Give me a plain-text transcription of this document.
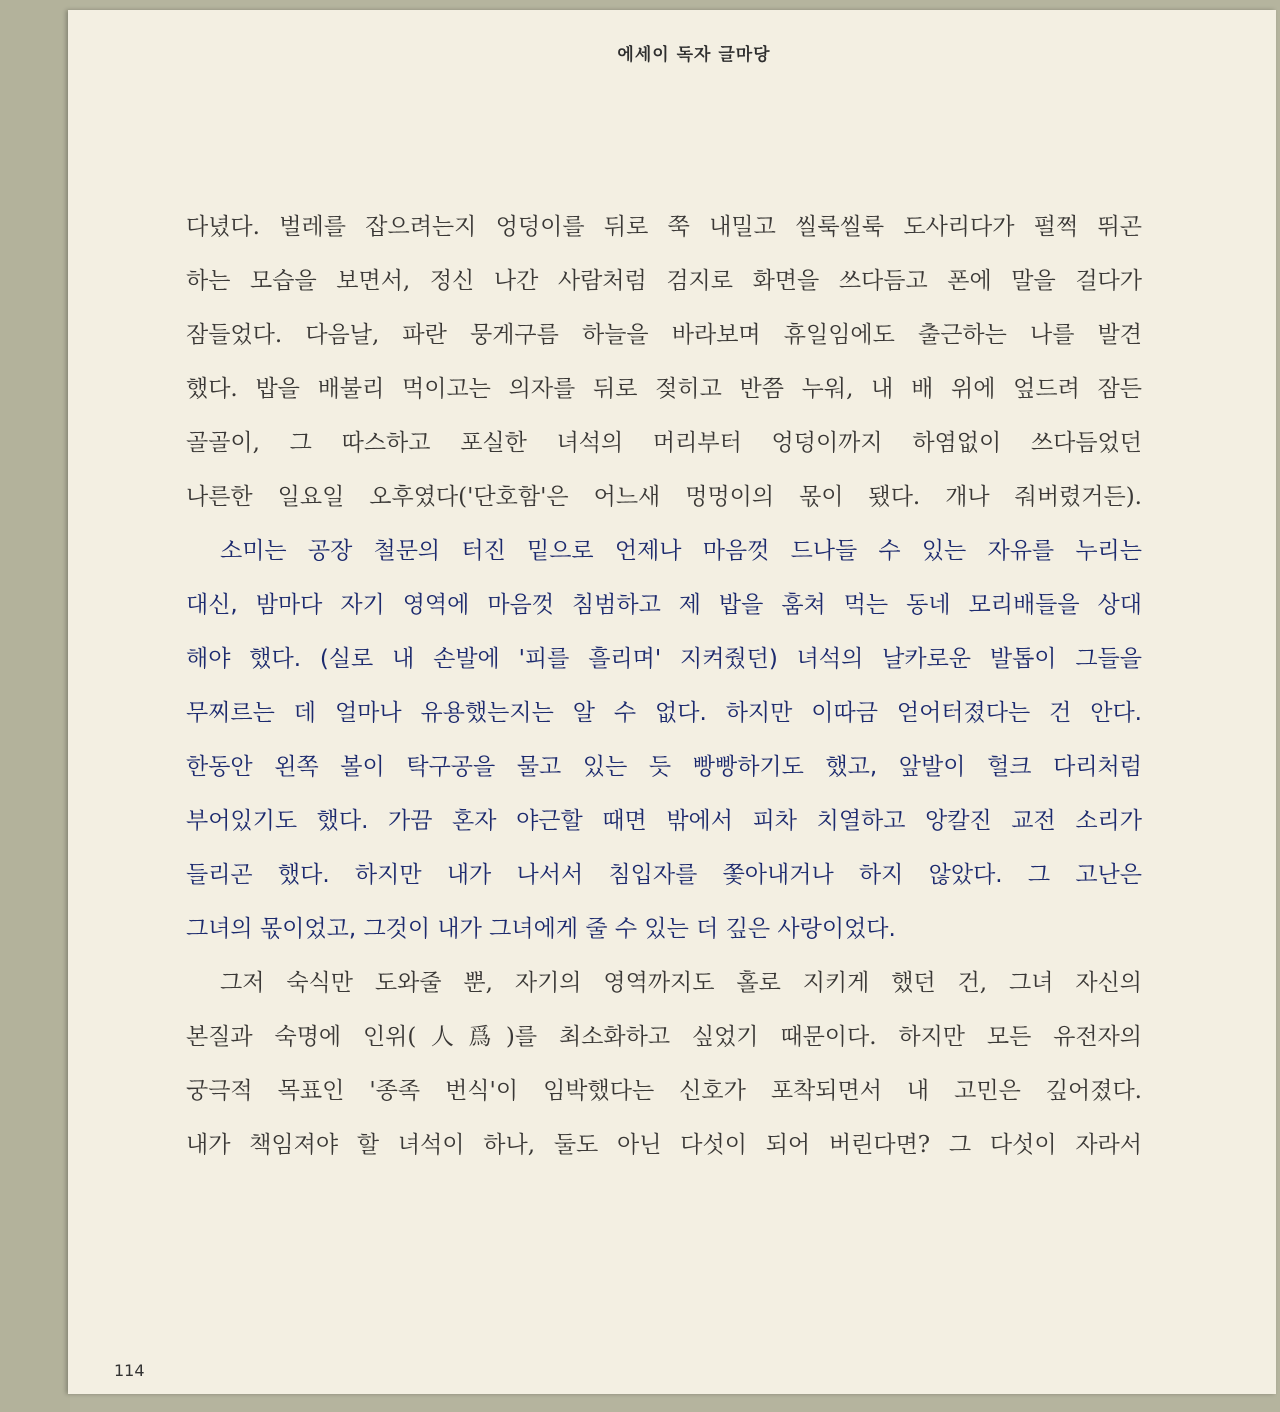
에세이 독자 글마당
다녔다. 벌레를 잡으려는지 엉덩이를 뒤로 쭉 내밀고 씰룩씰룩 도사리다가 펄쩍 뛰곤
하는 모습을 보면서, 정신 나간 사람처럼 검지로 화면을 쓰다듬고 폰에 말을 걸다가
잠들었다. 다음날, 파란 뭉게구름 하늘을 바라보며 휴일임에도 출근하는 나를 발견
했다. 밥을 배불리 먹이고는 의자를 뒤로 젖히고 반쯤 누워, 내 배 위에 엎드려 잠든
골골이, 그 따스하고 포실한 녀석의 머리부터 엉덩이까지 하염없이 쓰다듬었던
나른한 일요일 오후였다('단호함'은 어느새 멍멍이의 몫이 됐다. 개나 줘버렸거든).
소미는 공장 철문의 터진 밑으로 언제나 마음껏 드나들 수 있는 자유를 누리는
대신, 밤마다 자기 영역에 마음껏 침범하고 제 밥을 훔쳐 먹는 동네 모리배들을 상대
해야 했다. (실로 내 손발에 '피를 흘리며' 지켜줬던) 녀석의 날카로운 발톱이 그들을
무찌르는 데 얼마나 유용했는지는 알 수 없다. 하지만 이따금 얻어터졌다는 건 안다.
한동안 왼쪽 볼이 탁구공을 물고 있는 듯 빵빵하기도 했고, 앞발이 헐크 다리처럼
부어있기도 했다. 가끔 혼자 야근할 때면 밖에서 피차 치열하고 앙칼진 교전 소리가
들리곤 했다. 하지만 내가 나서서 침입자를 쫓아내거나 하지 않았다. 그 고난은
그녀의 몫이었고, 그것이 내가 그녀에게 줄 수 있는 더 깊은 사랑이었다.
그저 숙식만 도와줄 뿐, 자기의 영역까지도 홀로 지키게 했던 건, 그녀 자신의
본질과 숙명에 인위(人爲)를 최소화하고 싶었기 때문이다. 하지만 모든 유전자의
궁극적 목표인 '종족 번식'이 임박했다는 신호가 포착되면서 내 고민은 깊어졌다.
내가 책임져야 할 녀석이 하나, 둘도 아닌 다섯이 되어 버린다면? 그 다섯이 자라서
114
